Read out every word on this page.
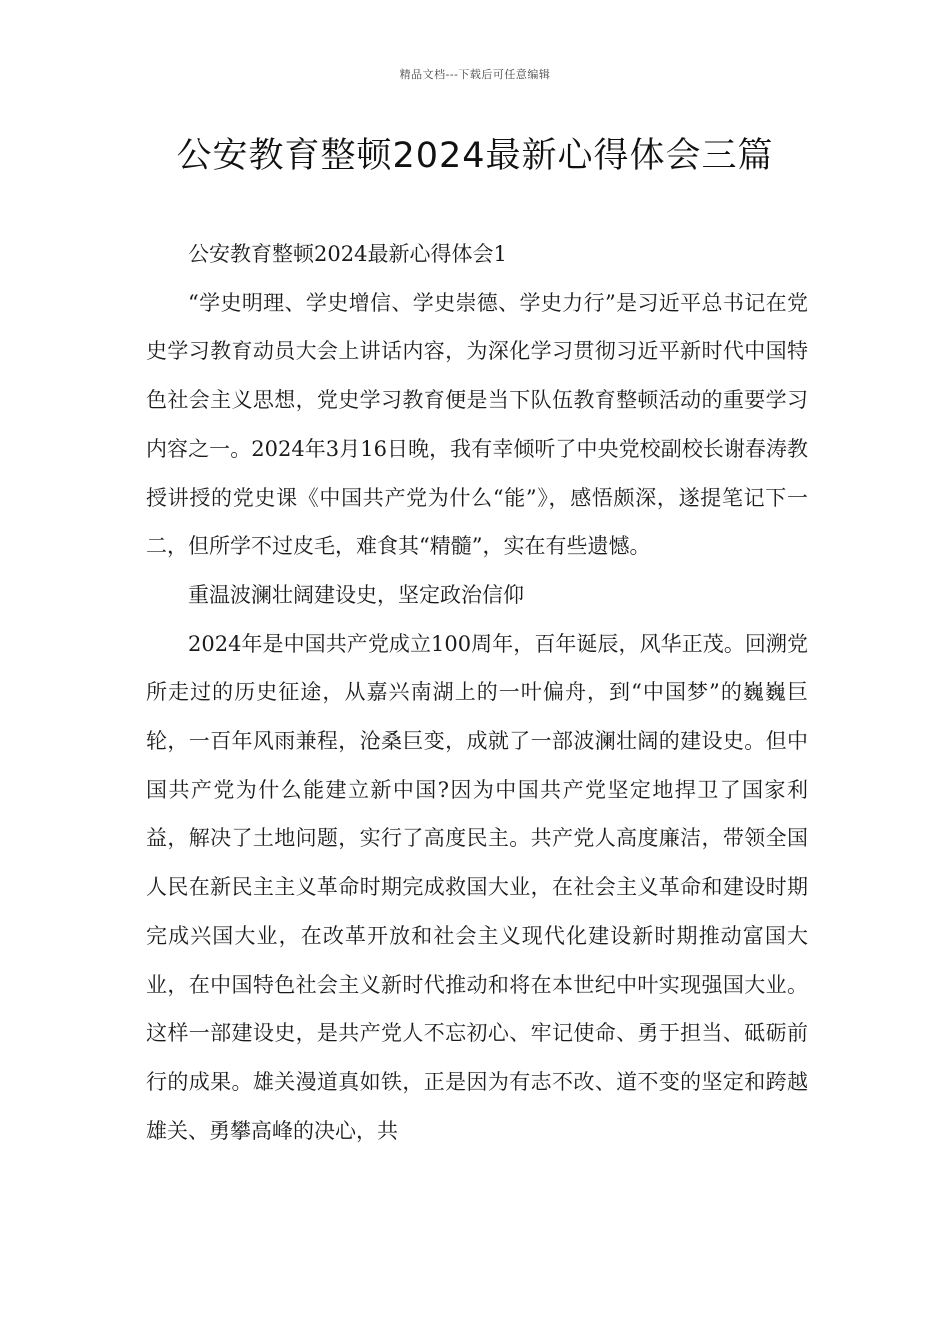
精品文档---下载后可任意编辑
公安教育整顿2024最新心得体会三篇

公安教育整顿2024最新心得体会1

“学史明理、学史增信、学史崇德、学史力行”是习近平总书记在党史学习教育动员大会上讲话内容，为深化学习贯彻习近平新时代中国特色社会主义思想，党史学习教育便是当下队伍教育整顿活动的重要学习内容之一。2024年3月16日晚，我有幸倾听了中央党校副校长谢春涛教授讲授的党史课《中国共产党为什么“能”》，感悟颇深，遂提笔记下一二，但所学不过皮毛，难食其“精髓”，实在有些遗憾。

重温波澜壮阔建设史，坚定政治信仰

2024年是中国共产党成立100周年，百年诞辰，风华正茂。回溯党所走过的历史征途，从嘉兴南湖上的一叶偏舟，到“中国梦”的巍巍巨轮，一百年风雨兼程，沧桑巨变，成就了一部波澜壮阔的建设史。但中国共产党为什么能建立新中国?因为中国共产党坚定地捍卫了国家利益，解决了土地问题，实行了高度民主。共产党人高度廉洁，带领全国人民在新民主主义革命时期完成救国大业，在社会主义革命和建设时期完成兴国大业，在改革开放和社会主义现代化建设新时期推动富国大业，在中国特色社会主义新时代推动和将在本世纪中叶实现强国大业。这样一部建设史，是共产党人不忘初心、牢记使命、勇于担当、砥砺前行的成果。雄关漫道真如铁，正是因为有志不改、道不变的坚定和跨越雄关、勇攀高峰的决心，共
